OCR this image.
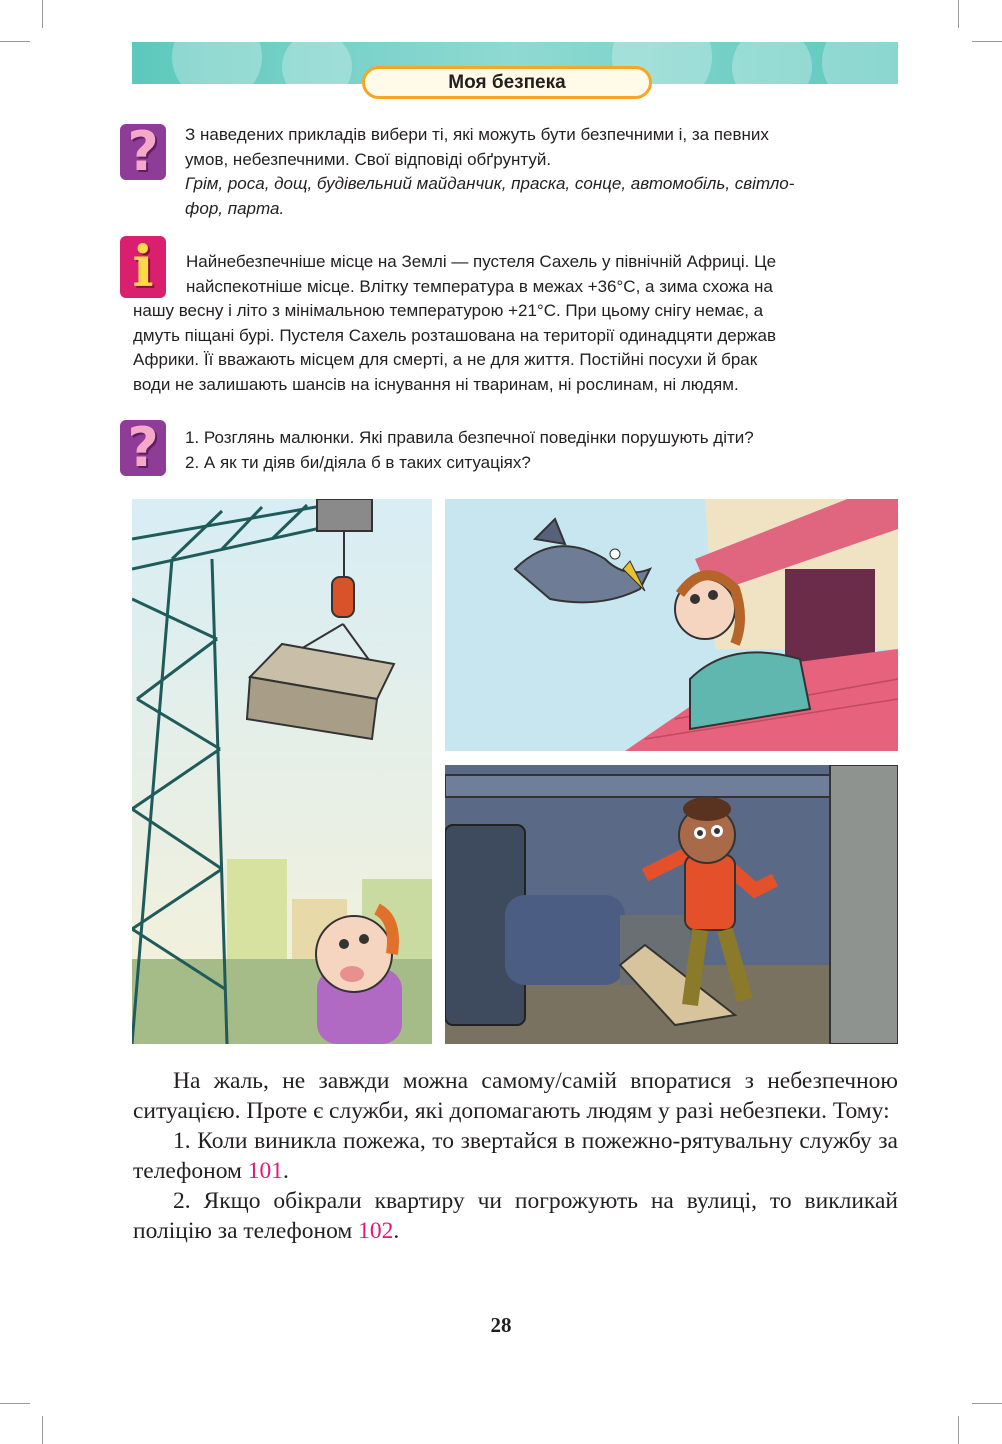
Моя безпека
? З наведених прикладів вибери ті, які можуть бути безпечними і, за певних

умов, небезпечними. Свої відповіді обґрунтуй.

Грім, роса, дощ, будівельний майданчик, праска, сонце, автомобіль, світло-

фор, парта.

i Найнебезпечніше місце на Землі — пустеля Сахель у північній Африці. Це

найспекотніше місце. Влітку температура в межах +36°С, а зима схожа на

нашу весну і літо з мінімальною температурою +21°С. При цьому снігу немає, а

дмуть піщані бурі. Пустеля Сахель розташована на території одинадцяти держав

Африки. Її вважають місцем для смерті, а не для життя. Постійні посухи й брак

води не залишають шансів на існування ні тваринам, ні рослинам, ні людям.

? 1. Розглянь малюнки. Які правила безпечної поведінки порушують діти?

2. А як ти діяв би/діяла б в таких ситуаціях?

На жаль, не завжди можна самому/самій впоратися з небезпечною ситуацією. Проте є служби, які допомагають людям у разі небезпеки. Тому:

1. Коли виникла пожежа, то звертайся в пожежно-рятувальну службу за телефоном 101.

2. Якщо обікрали квартиру чи погрожують на вулиці, то викликай поліцію за телефоном 102.

28
